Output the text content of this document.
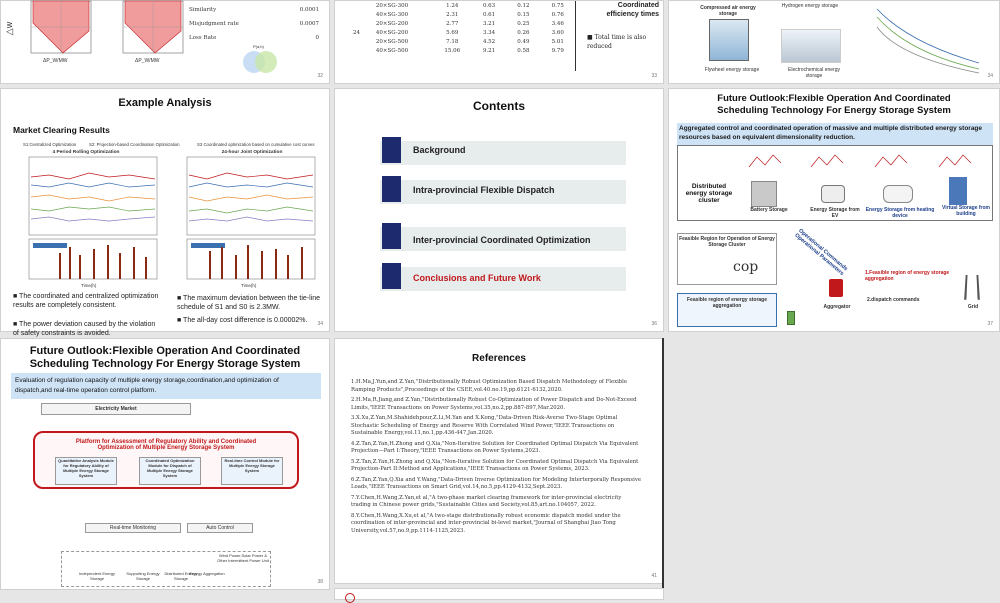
ΔP_W/MW
△w
ΔP_W/MW
Similarity	0.0001
Misjudgment rate	0.0007
Loss Rate	0
P(a,b)
32
	20×SG-300	1.24	0.63	0.12	0.75
	40×SG-300	2.31	0.61	0.15	0.76
	20×SG-200	2.77	3.21	0.25	3.46
24	40×SG-200	5.69	3.34	0.26	3.60
	20×SG-500	7.18	4.52	0.49	5.01
	40×SG-500	15.06	9.21	0.58	9.79
Coordinated efficiency times
■ Total time is also reduced
33
Compressed air energy storage
Flywheel energy storage
Hydrogen energy storage
Electrochemical energy storage	34
Example Analysis
Market Clearing Results
S1:Centralized Optimization	S2: Projection-based Coordination Optimization	S3 Coordinated optimization based on cumulative cost curves
4 Period Rolling Optimization	24-hour Joint Optimization
Time(h)	Time(h)
■ The coordinated and centralized optimization results are completely consistent.
■ The power deviation caused by the violation of safety constraints is avoided.
■ The maximum deviation between the tie-line schedule of S1 and S0 is 2.3MW.
■ The all-day cost difference is 0.00002%.	34
Contents
Background
Intra-provincial Flexible Dispatch
Inter-provincial Coordinated Optimization
Conclusions and Future Work
36
Future Outlook:Flexible Operation And Coordinated Scheduling Technology For Energy Storage System
Aggregated control and coordinated operation of massive and multiple distributed energy storage resources based on equivalent dimensionality reduction.
Distributed energy storage cluster
Battery Storage	Energy Storage from EV
Energy Storage from heating device
Virtual Storage from building
Feasible Region for Operation of Energy Storage Cluster
cop	Operational Commands Operational Parameters
Feasible region of energy storage aggregation	Aggregator
1.Feasible region of energy storage aggregation
2.dispatch commands
Grid
37
Future Outlook:Flexible Operation And Coordinated Scheduling Technology For Energy Storage System
Evaluation of regulation capacity of multiple energy storage,coordination,and optimization of dispatch,and real-time operation control platform.
Electricity Market
Platform for Assessment of Regulatory Ability and Coordinated Optimization of Multiple Energy Storage System
Quantitative Analysis Module for Regulatory Ability of Multiple Energy Storage System
Coordinated Optimization Module for Dispatch of Multiple Energy Storage System
Real-time Control Module for Multiple Energy Storage System
Real-time Monitoring	Auto Control
Independent Energy Storage
Supporting Energy Storage
Distributed Energy Storage
Energy Aggregation
Wind Power,Solar Power & Other Intermittent Power Unit
38
References

1.H.Ma,J.Yun,and Z.Yan,"Distributionally Robust Optimization Based Dispatch Methodology of Flexible Ramping Products",Proceedings of the CSEE,vol.40.no.19,pp.6121-6132,2020.

2.H.Ma,R.Jiang,and Z.Yan,"Distributionally Robust Co-Optimization of Power Dispatch and Do-Not-Exceed Limits,"IEEE Transactions on Power Systems,vol.35,no.2,pp.887-897,Mar.2020.

3.X.Xu,Z.Yan,M.Shahidehpour,Z.Li,M.Yan and X.Kong,"Data-Driven Risk-Averse Two-Stage Optimal Stochastic Scheduling of Energy and Reserve With Correlated Wind Power,"IEEE Transactions on Sustainable Energy,vol.11,no.1,pp.436-447,Jan.2020.

4.Z.Tan,Z.Yan,H.Zhong and Q.Xia,"Non-Iterative Solution for Coordinated Optimal Dispatch Via Equivalent Projection—Part I:Theory,"IEEE Transactions on Power Systems,2023.

5.Z.Tan,Z.Yan,H.Zhong and Q.Xia,"Non-Iterative Solution for Coordinated Optimal Dispatch Via Equivalent Projection-Part II:Method and Applications,"IEEE Transactions on Power Systems, 2023.

6.Z.Tan,Z.Yan,Q.Xia and Y.Wang,"Data-Driven Inverse Optimization for Modeling Interterporally Responsive Loads,"IEEE Transactions on Smart Grid,vol.14,no.5,pp.4129-4132,Sept.2023.

7.Y.Chen,H.Wang,Z.Yan,et al,"A two-phase market clearing framework for inter-provincial electricity trading in Chinese power grids,"Sustainable Cities and Society,vol.85,art.no.104057, 2022.

8.Y.Chen,H.Wang,X.Xu,et al,"A two-stage distributionally robust economic dispatch model under the coordination of inter-provincial and inter-provincial bi-level market,"Journal of Shanghai Jiao Tong University,vol.57,no.9,pp.1114-1125,2023.

41
